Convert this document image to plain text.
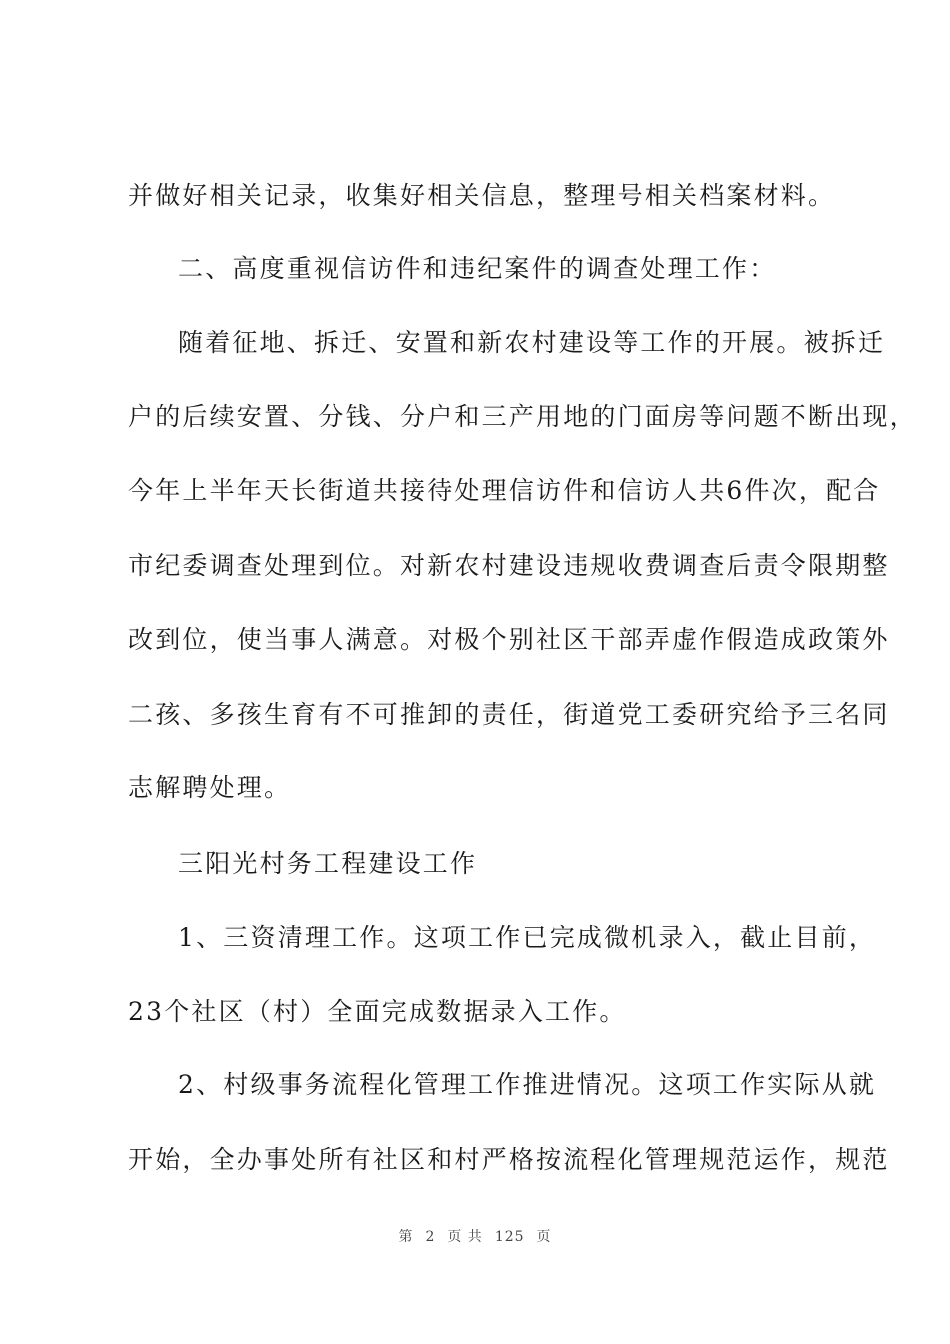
并做好相关记录，收集好相关信息，整理号相关档案材料。
二、高度重视信访件和违纪案件的调查处理工作：
随着征地、拆迁、安置和新农村建设等工作的开展。被拆迁
户的后续安置、分钱、分户和三产用地的门面房等问题不断出现，
今年上半年天长街道共接待处理信访件和信访人共6件次，配合
市纪委调查处理到位。对新农村建设违规收费调查后责令限期整
改到位，使当事人满意。对极个别社区干部弄虚作假造成政策外
二孩、多孩生育有不可推卸的责任，街道党工委研究给予三名同
志解聘处理。
三阳光村务工程建设工作
1、三资清理工作。这项工作已完成微机录入，截止目前，
23个社区（村）全面完成数据录入工作。
2、村级事务流程化管理工作推进情况。这项工作实际从就
开始，全办事处所有社区和村严格按流程化管理规范运作，规范
第 2 页 共 125 页
